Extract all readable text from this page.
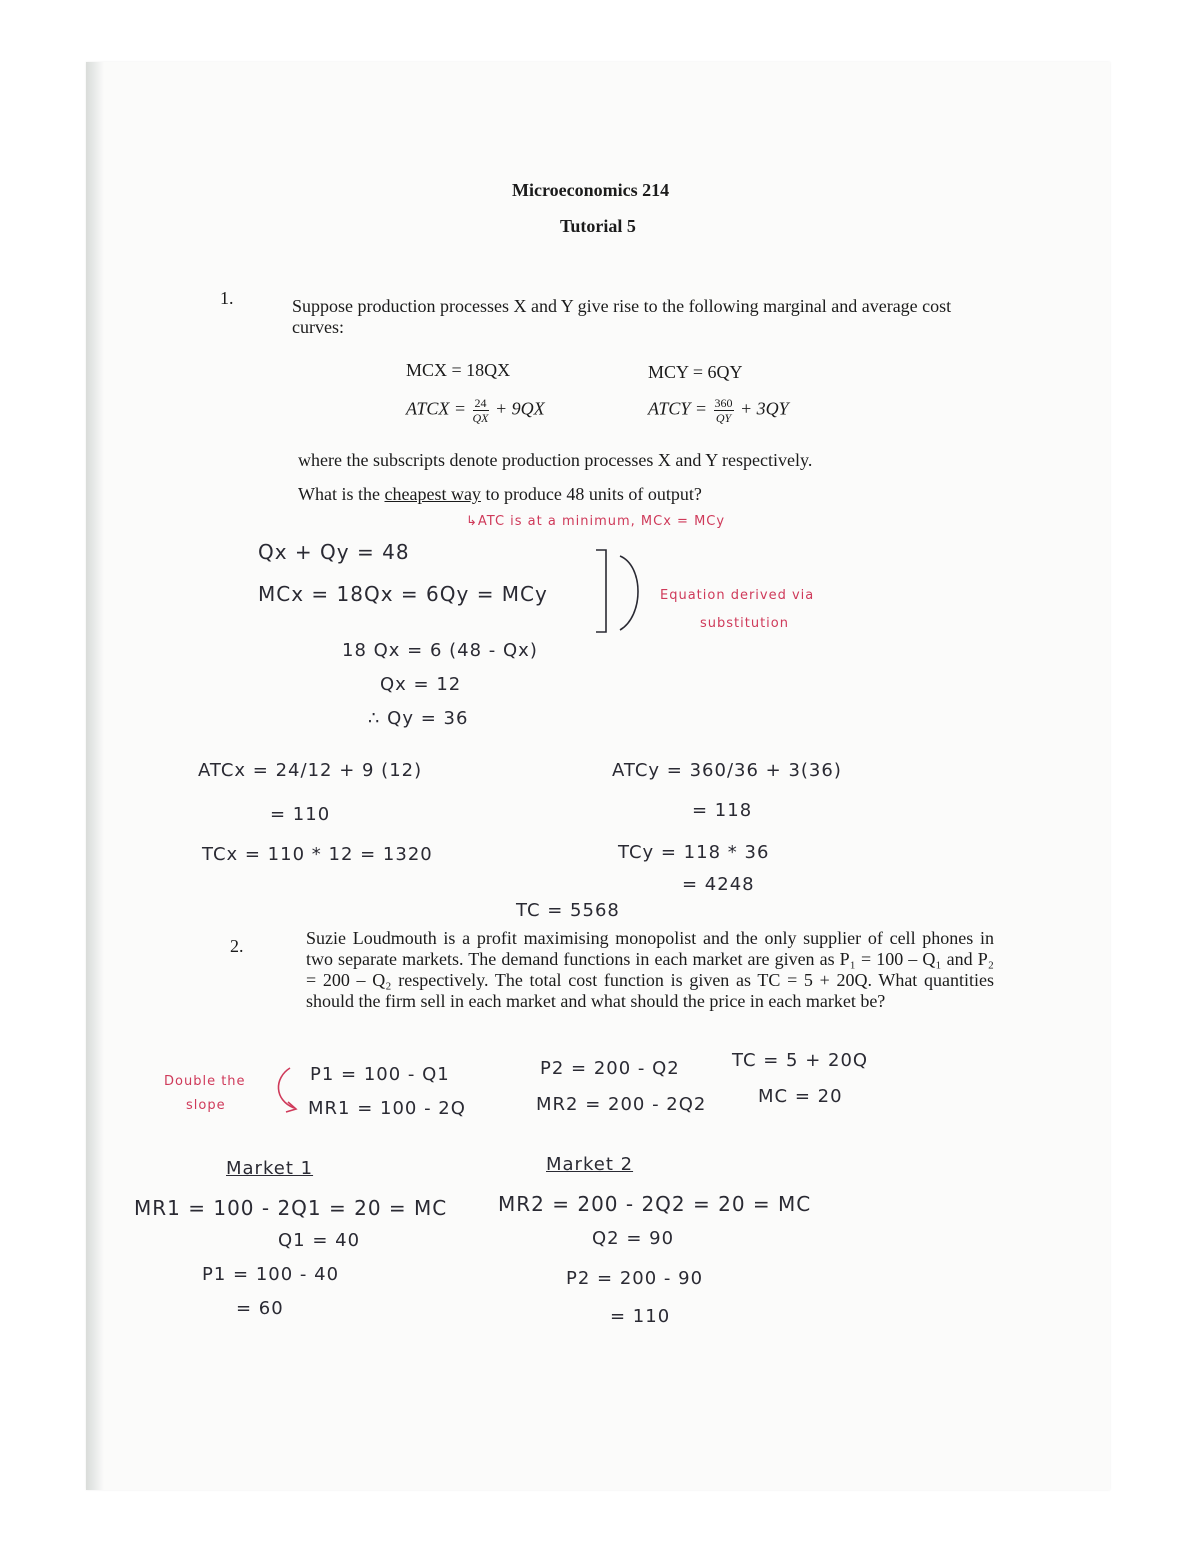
Microeconomics 214
Tutorial 5
1.	Suppose production processes X and Y give rise to the following marginal and average cost curves:
MCX = 18QX	MCY = 6QY
ATCX = $\frac{24}{QX} + 9QX$	ATCY = $\frac{360}{QY} + 3QY$
where the subscripts denote production processes X and Y respectively.
What is the cheapest way to produce 48 units of output?
↳ATC is at a minimum, MCx = MCy
Qx + Qy = 48
MCx = 18Qx = 6Qy = MCy	Equation derived via
substitution
18 Qx = 6 (48 - Qx)
Qx = 12
∴ Qy = 36
ATCx = 24/12 + 9 (12)
= 110
TCx = 110 * 12 = 1320
ATCy = 360/36 + 3(36)
= 118
TCy = 118 * 36
= 4248
TC = 5568
2.	Suzie Loudmouth is a profit maximising monopolist and the only supplier of cell phones in two separate markets. The demand functions in each market are given as P₁ = 100 – Q₁ and P₂ = 200 – Q₂ respectively. The total cost function is given as TC = 5 + 20Q. What quantities should the firm sell in each market and what should the price in each market be?
Double the
slope
P1 = 100 - Q1
MR1 = 100 - 2Q
P2 = 200 - Q2
MR2 = 200 - 2Q2
TC = 5 + 20Q
MC = 20
Market 1	Market 2
MR1 = 100 - 2Q1 = 20 = MC
Q1 = 40
P1 = 100 - 40
= 60
MR2 = 200 - 2Q2 = 20 = MC
Q2 = 90
P2 = 200 - 90
= 110
